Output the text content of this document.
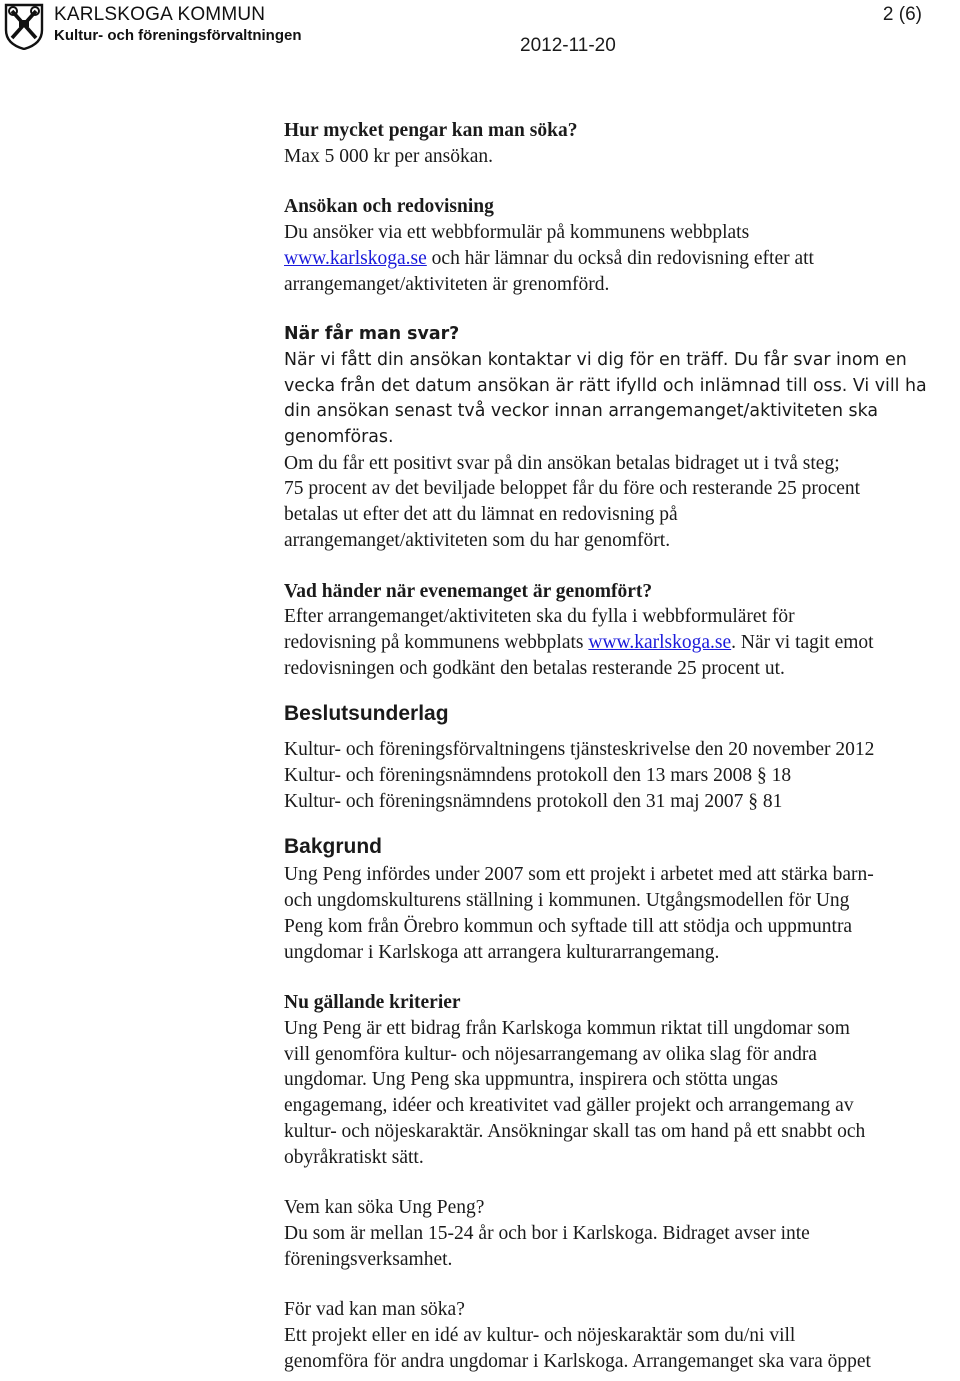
KARLSKOGA KOMMUN
Kultur- och föreningsförvaltningen
2 (6)
2012-11-20

Hur mycket pengar kan man söka?

Max 5 000 kr per ansökan.

Ansökan och redovisning

Du ansöker via ett webbformulär på kommunens webbplats

www.karlskoga.se och här lämnar du också din redovisning efter att

arrangemanget/aktiviteten är grenomförd.

När får man svar?

När vi fått din ansökan kontaktar vi dig för en träff. Du får svar inom en

vecka från det datum ansökan är rätt ifylld och inlämnad till oss. Vi vill ha

din ansökan senast två veckor innan arrangemanget/aktiviteten ska

genomföras.

Om du får ett positivt svar på din ansökan betalas bidraget ut i två steg;

75 procent av det beviljade beloppet får du före och resterande 25 procent

betalas ut efter det att du lämnat en redovisning på

arrangemanget/aktiviteten som du har genomfört.

Vad händer när evenemanget är genomfört?

Efter arrangemanget/aktiviteten ska du fylla i webbformuläret för

redovisning på kommunens webbplats www.karlskoga.se. När vi tagit emot

redovisningen och godkänt den betalas resterande 25 procent ut.

Beslutsunderlag

Kultur- och föreningsförvaltningens tjänsteskrivelse den 20 november 2012

Kultur- och föreningsnämndens protokoll den 13 mars 2008 § 18

Kultur- och föreningsnämndens protokoll den 31 maj 2007 § 81

Bakgrund

Ung Peng infördes under 2007 som ett projekt i arbetet med att stärka barn-

och ungdomskulturens ställning i kommunen. Utgångsmodellen för Ung

Peng kom från Örebro kommun och syftade till att stödja och uppmuntra

ungdomar i Karlskoga att arrangera kulturarrangemang.

Nu gällande kriterier

Ung Peng är ett bidrag från Karlskoga kommun riktat till ungdomar som

vill genomföra kultur- och nöjesarrangemang av olika slag för andra

ungdomar. Ung Peng ska uppmuntra, inspirera och stötta ungas

engagemang, idéer och kreativitet vad gäller projekt och arrangemang av

kultur- och nöjeskaraktär. Ansökningar skall tas om hand på ett snabbt och

obyråkratiskt sätt.

Vem kan söka Ung Peng?

Du som är mellan 15-24 år och bor i Karlskoga. Bidraget avser inte

föreningsverksamhet.

För vad kan man söka?

Ett projekt eller en idé av kultur- och nöjeskaraktär som du/ni vill

genomföra för andra ungdomar i Karlskoga. Arrangemanget ska vara öppet
